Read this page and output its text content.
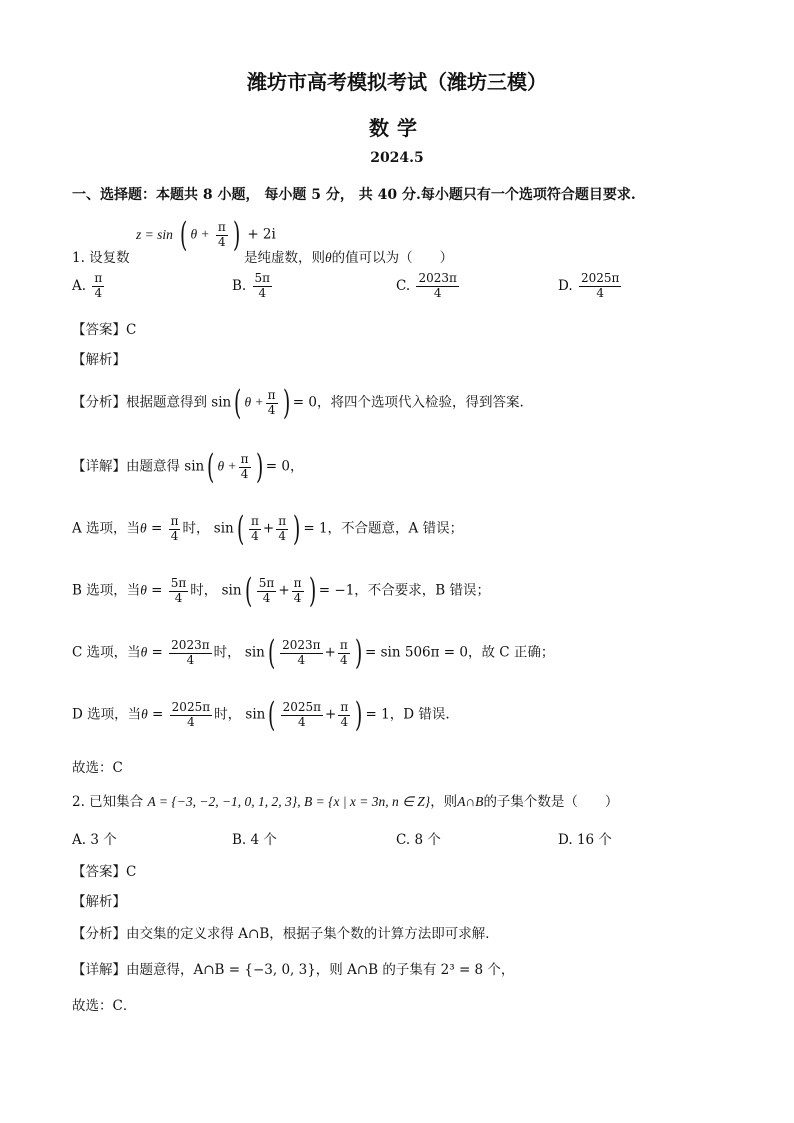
潍坊市高考模拟考试（潍坊三模）
数学
2024.5
一、选择题：本题共 8 小题， 每小题 5 分， 共 40 分.每小题只有一个选项符合题目要求.
z = sin ( $\theta + \frac{\pi}{4}$ ) + 2i
1. 设复数	是纯虚数，则θ的值可以为（　　）
A. $\frac{\pi}{4}$	B. $\frac{5\pi}{4}$	C. $\frac{2023\pi}{4}$	D. $\frac{2025\pi}{4}$
【答案】C
【解析】
【分析】根据题意得到 sin( $\theta + \frac{\pi}{4}$ ) = 0，将四个选项代入检验，得到答案.
【详解】由题意得 sin( $\theta + \frac{\pi}{4}$ ) = 0，
A 选项，当$\theta = \frac{\pi}{4}$ 时， $\sin( \frac{\pi}{4} + \frac{\pi}{4}$ ) = 1，不合题意，A 错误；
B 选项，当$\theta = \frac{5\pi}{4}$ 时， $\sin( \frac{5\pi}{4} + \frac{\pi}{4}$ ) = −1，不合要求，B 错误；
C 选项，当$\theta = \frac{2023\pi}{4}$ 时， $\sin( \frac{2023\pi}{4} + \frac{\pi}{4}$ ) = sin 506π = 0，故 C 正确；
D 选项，当$\theta = \frac{2025\pi}{4}$ 时， $\sin( \frac{2025\pi}{4} + \frac{\pi}{4}$ ) = 1，D 错误.
故选：C
2. 已知集合 A = {−3, −2, −1, 0, 1, 2, 3}, B = {x | x = 3n, n ∈ Z}，则A∩B的子集个数是（　　）
A. 3 个	B. 4 个	C. 8 个	D. 16 个
【答案】C
【解析】
【分析】由交集的定义求得 A∩B，根据子集个数的计算方法即可求解．
【详解】由题意得，A∩B = {−3, 0, 3}，则 A∩B 的子集有 2³ = 8 个，
故选：C．
